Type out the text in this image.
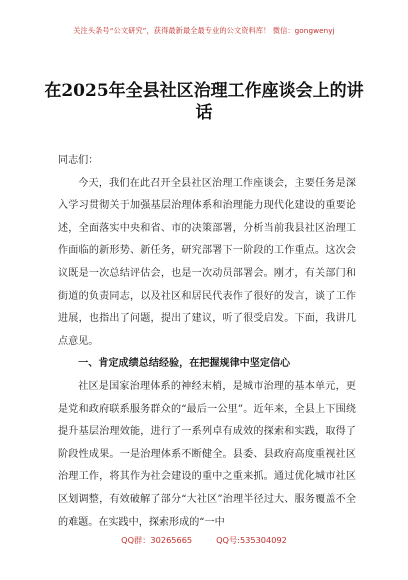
关注头条号“公文研究”，获得最新最全最专业的公文资料库！ 微信：gongwenyj
在2025年全县社区治理工作座谈会上的讲话

同志们：

今天，我们在此召开全县社区治理工作座谈会，主要任务是深入学习贯彻关于加强基层治理体系和治理能力现代化建设的重要论述，全面落实中央和省、市的决策部署，分析当前我县社区治理工作面临的新形势、新任务，研究部署下一阶段的工作重点。这次会议既是一次总结评估会，也是一次动员部署会。刚才，有关部门和街道的负责同志，以及社区和居民代表作了很好的发言，谈了工作进展，也指出了问题，提出了建议，听了很受启发。下面，我讲几点意见。

一、肯定成绩总结经验，在把握规律中坚定信心

社区是国家治理体系的神经末梢，是城市治理的基本单元，更是党和政府联系服务群众的“最后一公里”。近年来，全县上下围绕提升基层治理效能，进行了一系列卓有成效的探索和实践，取得了阶段性成果。一是治理体系不断健全。县委、县政府高度重视社区治理工作，将其作为社会建设的重中之重来抓。通过优化城市社区区划调整，有效破解了部分“大社区”治理半径过大、服务覆盖不全的难题。在实践中，探索形成的“一中

QQ群：30265665	QQ号:535304092
